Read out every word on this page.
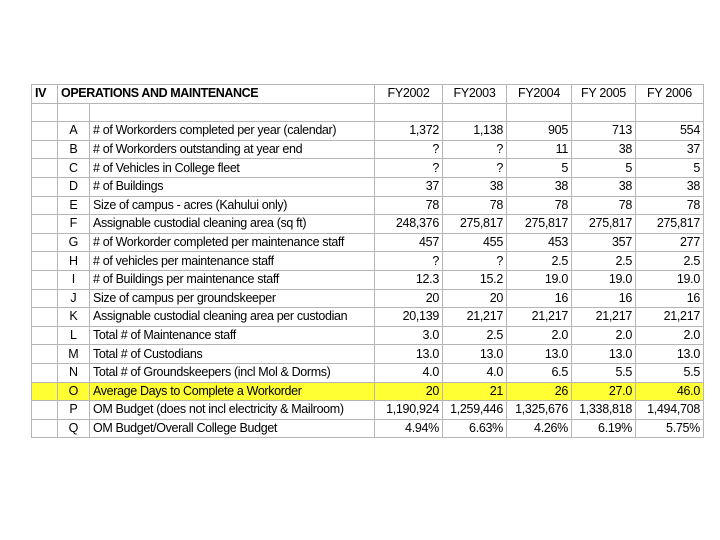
IV	OPERATIONS AND MAINTENANCE		FY2002	FY2003	FY2004	FY 2005	FY 2006

	A	# of Workorders completed per year (calendar)	1,372	1,138	905	713	554
	B	# of Workorders outstanding at year end	?	?	11	38	37
	C	# of Vehicles in College fleet	?	?	5	5	5
	D	# of Buildings	37	38	38	38	38
	E	Size of campus - acres (Kahului only)	78	78	78	78	78
	F	Assignable custodial cleaning area (sq ft)	248,376	275,817	275,817	275,817	275,817
	G	# of Workorder completed per maintenance staff	457	455	453	357	277
	H	# of vehicles per maintenance staff	?	?	2.5	2.5	2.5
	I	# of Buildings per maintenance staff	12.3	15.2	19.0	19.0	19.0
	J	Size of campus per groundskeeper	20	20	16	16	16
	K	Assignable custodial cleaning area per custodian	20,139	21,217	21,217	21,217	21,217
	L	Total # of Maintenance staff	3.0	2.5	2.0	2.0	2.0
	M	Total # of Custodians	13.0	13.0	13.0	13.0	13.0
	N	Total # of Groundskeepers (incl Mol & Dorms)	4.0	4.0	6.5	5.5	5.5
	O	Average Days to Complete a Workorder	20	21	26	27.0	46.0
	P	OM Budget (does not incl electricity & Mailroom)	1,190,924	1,259,446	1,325,676	1,338,818	1,494,708
	Q	OM Budget/Overall College Budget	4.94%	6.63%	4.26%	6.19%	5.75%
